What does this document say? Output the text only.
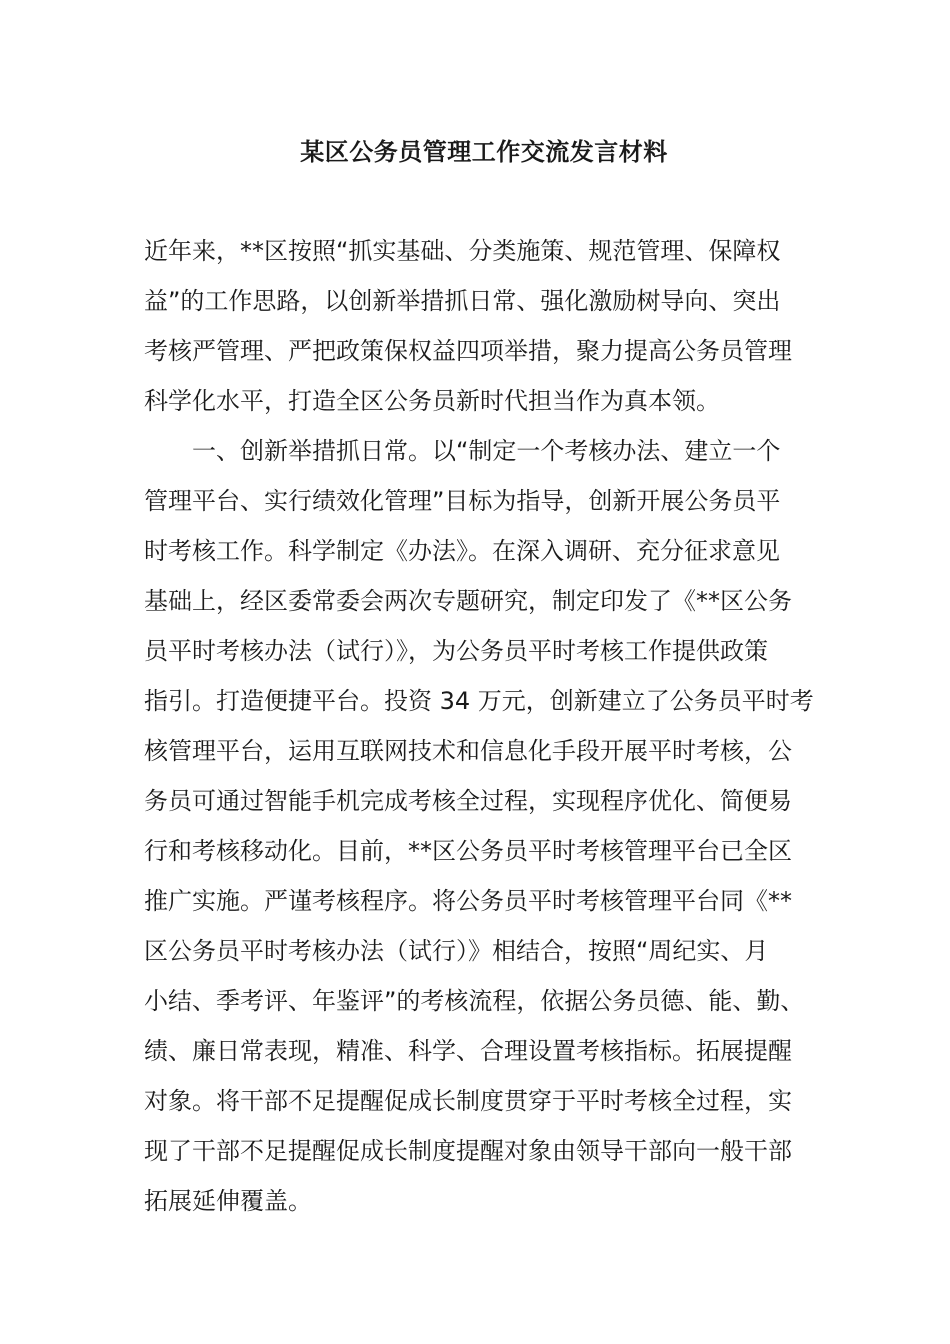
某区公务员管理工作交流发言材料

近年来，**区按照“抓实基础、分类施策、规范管理、保障权

益”的工作思路，以创新举措抓日常、强化激励树导向、突出

考核严管理、严把政策保权益四项举措，聚力提高公务员管理

科学化水平，打造全区公务员新时代担当作为真本领。

一、创新举措抓日常。以“制定一个考核办法、建立一个

管理平台、实行绩效化管理”目标为指导，创新开展公务员平

时考核工作。科学制定《办法》。在深入调研、充分征求意见

基础上，经区委常委会两次专题研究，制定印发了《**区公务

员平时考核办法（试行）》，为公务员平时考核工作提供政策

指引。打造便捷平台。投资 34 万元，创新建立了公务员平时考

核管理平台，运用互联网技术和信息化手段开展平时考核，公

务员可通过智能手机完成考核全过程，实现程序优化、简便易

行和考核移动化。目前，**区公务员平时考核管理平台已全区

推广实施。严谨考核程序。将公务员平时考核管理平台同《**

区公务员平时考核办法（试行）》相结合，按照“周纪实、月

小结、季考评、年鉴评”的考核流程，依据公务员德、能、勤、

绩、廉日常表现，精准、科学、合理设置考核指标。拓展提醒

对象。将干部不足提醒促成长制度贯穿于平时考核全过程，实

现了干部不足提醒促成长制度提醒对象由领导干部向一般干部

拓展延伸覆盖。
